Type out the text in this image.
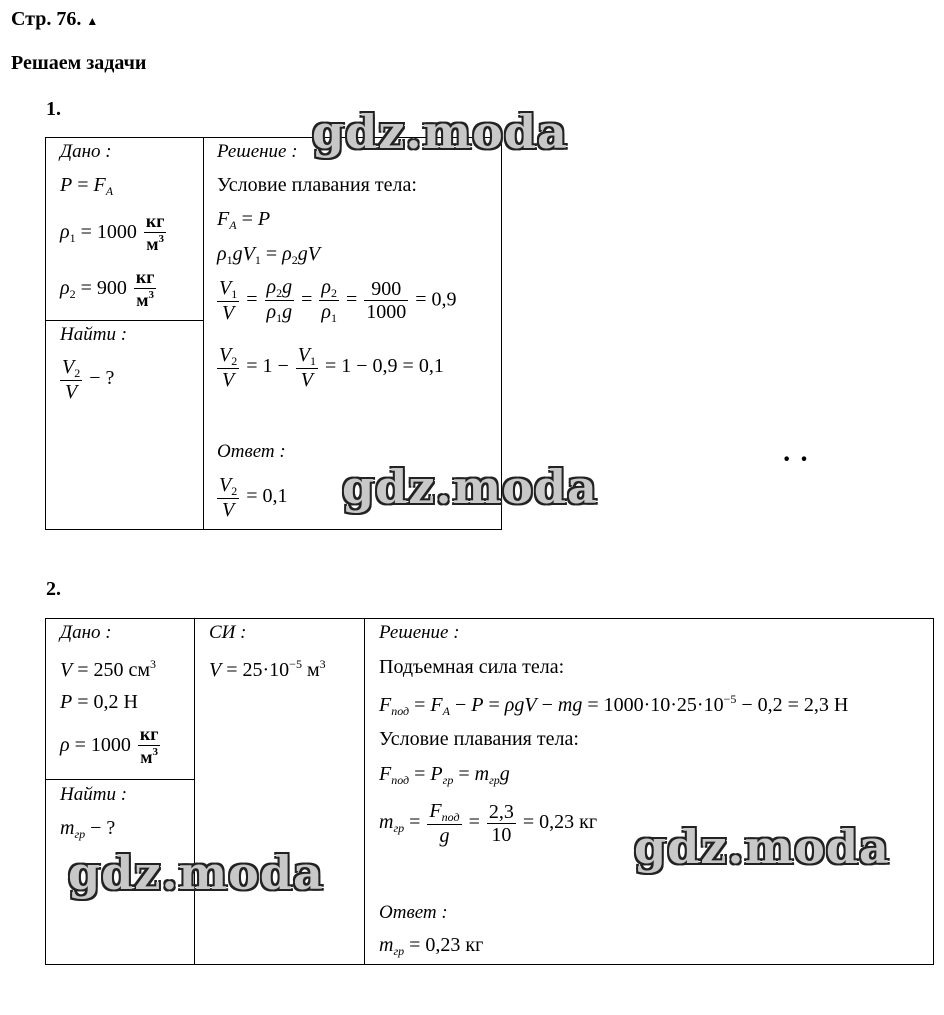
Стр. 76. ▲
Решаем задачи
1.
Дано :
$P = F_A$
$\rho_1 = 1000 \frac{кг}{м^3}$
$\rho_2 = 900 \frac{кг}{м^3}$
Найти :
$\frac{V_2}{V}$ − ?
Решение :
Условие плавания тела:
$F_A = P$
$\rho_1gV_1 = \rho_2gV$
$\frac{V_1}{V} = \frac{\rho_2g}{\rho_1g} = \frac{\rho_2}{\rho_1} = \frac{900}{1000} = 0,9$
$\frac{V_2}{V} = 1 - \frac{V_1}{V} = 1 - 0,9 = 0,1$
Ответ :
$\frac{V_2}{V} = 0,1$
gdz.moda
gdz.moda
··
2.
Дано :
V = 250 $см^3$
P = 0,2 Н
$\rho = 1000 \frac{кг}{м^3}$
Найти :
$m_{гр}$ − ?
СИ :
$V = 25\cdot 10^{-5}$ $м^3$
Решение :
Подъемная сила тела:
$F_{под} = F_A - P = \rho gV$ − mg = $1000\cdot 10\cdot 25\cdot 10^{-5} - 0,2 = 2,3$ Н
Условие плавания тела:
$F_{под} = P_{гр} = m_{гр}g$
$m_{гр} = \frac{F_{под}}{g} = \frac{2,3}{10} = 0,23$ кг
Ответ :
$m_{гр} = 0,23$ кг
gdz.moda	gdz.moda
